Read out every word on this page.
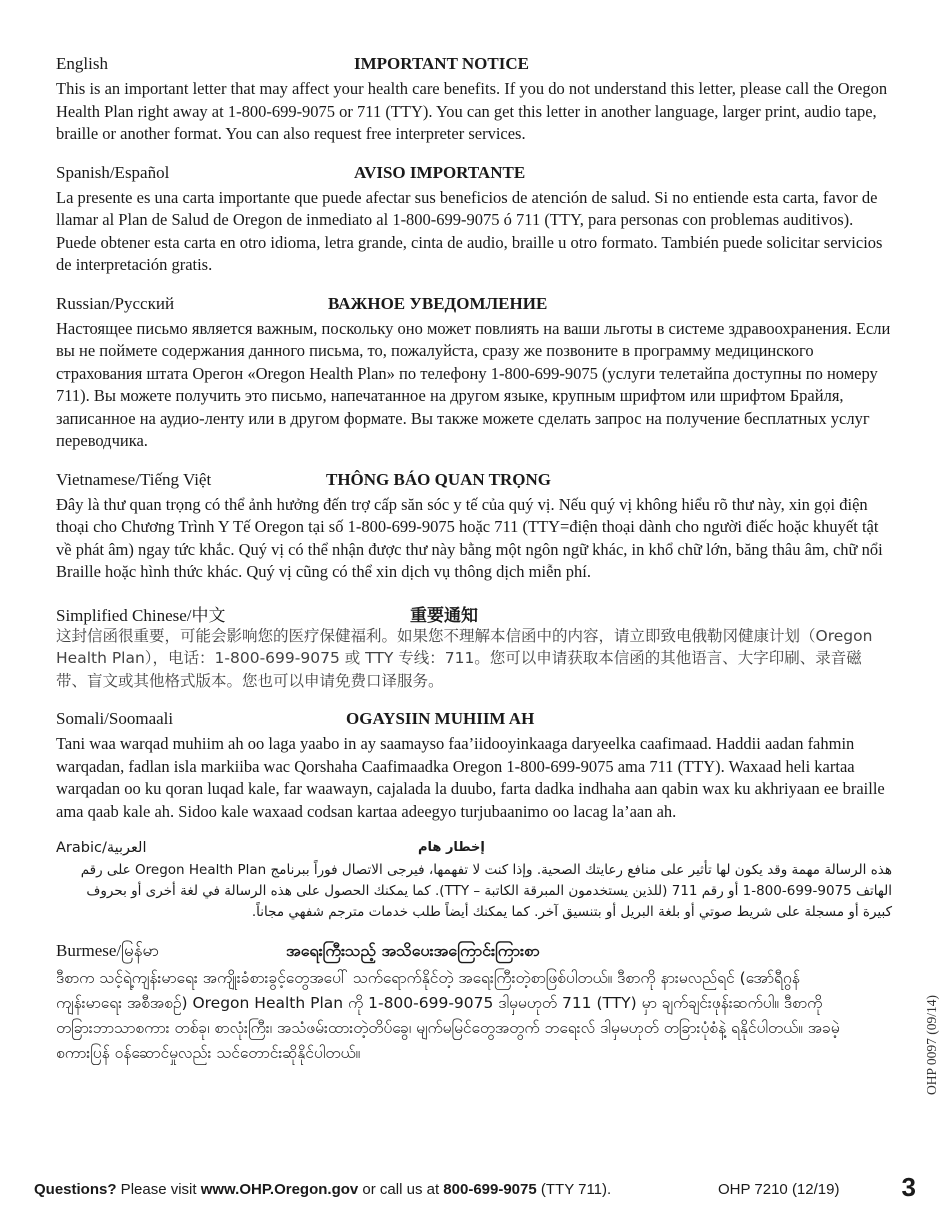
English	IMPORTANT NOTICE
This is an important letter that may affect your health care benefits. If you do not understand this letter, please call the Oregon Health Plan right away at 1-800-699-9075 or 711 (TTY). You can get this letter in another language, larger print, audio tape, braille or another format. You can also request free interpreter services.
Spanish/Español	AVISO IMPORTANTE
La presente es una carta importante que puede afectar sus beneficios de atención de salud. Si no entiende esta carta, favor de llamar al Plan de Salud de Oregon de inmediato al 1-800-699-9075 ó 711 (TTY, para personas con problemas auditivos). Puede obtener esta carta en otro idioma, letra grande, cinta de audio, braille u otro formato. También puede solicitar servicios de interpretación gratis.
Russian/Русский	ВАЖНОЕ УВЕДОМЛЕНИЕ
Настоящее письмо является важным, поскольку оно может повлиять на ваши льготы в системе здравоохранения. Если вы не поймете содержания данного письма, то, пожалуйста, сразу же позвоните в программу медицинского страхования штата Орегон «Oregon Health Plan» по телефону 1-800-699-9075 (услуги телетайпа доступны по номеру 711). Вы можете получить это письмо, напечатанное на другом языке, крупным шрифтом или шрифтом Брайля, записанное на аудио-ленту или в другом формате. Вы также можете сделать запрос на получение бесплатных услуг переводчика.
Vietnamese/Tiếng Việt	THÔNG BÁO QUAN TRỌNG
Đây là thư quan trọng có thể ảnh hưởng đến trợ cấp săn sóc y tế của quý vị. Nếu quý vị không hiểu rõ thư này, xin gọi điện thoại cho Chương Trình Y Tế Oregon tại số 1-800-699-9075 hoặc 711 (TTY=điện thoại dành cho người điếc hoặc khuyết tật về phát âm) ngay tức khắc. Quý vị có thể nhận được thư này bằng một ngôn ngữ khác, in khổ chữ lớn, băng thâu âm, chữ nổi Braille hoặc hình thức khác. Quý vị cũng có thể xin dịch vụ thông dịch miễn phí.
Simplified Chinese/中文	重要通知
这封信函很重要，可能会影响您的医疗保健福利。如果您不理解本信函中的内容，请立即致电俄勒冈健康计划（Oregon Health Plan），电话：1-800-699-9075 或 TTY 专线：711。您可以申请获取本信函的其他语言、大字印刷、录音磁带、盲文或其他格式版本。您也可以申请免费口译服务。
Somali/Soomaali	OGAYSIIN MUHIIM AH
Tani waa warqad muhiim ah oo laga yaabo in ay saamayso faa’iidooyinkaaga daryeelka caafimaad. Haddii aadan fahmin warqadan, fadlan isla markiiba wac Qorshaha Caafimaadka Oregon 1-800-699-9075 ama 711 (TTY). Waxaad heli kartaa warqadan oo ku qoran luqad kale, far waawayn, cajalada la duubo, farta dadka indhaha aan qabin wax ku akhriyaan ee braille ama qaab kale ah. Sidoo kale waxaad codsan kartaa adeegyo turjubaanimo oo lacag la’aan ah.
Arabic/العربية	إخطار هام
هذه الرسالة مهمة وقد يكون لها تأثير على منافع رعايتك الصحية. وإذا كنت لا تفهمها، فيرجى الاتصال فوراً ببرنامج Oregon Health Plan على رقم الهاتف 9075-699-800-1 أو رقم 711 (للذين يستخدمون المبرقة الكاتبة – TTY). كما يمكنك الحصول على هذه الرسالة في لغة أخرى أو بحروف كبيرة أو مسجلة على شريط صوتي أو بلغة البريل أو بتنسيق آخر. كما يمكنك أيضاً طلب خدمات مترجم شفهي مجاناً.
Burmese/မြန်မာ	အရေးကြီးသည့် အသိပေးအကြောင်းကြားစာ
ဒီစာက သင့်ရဲ့ကျန်းမာရေး အကျိုးခံစားခွင့်တွေအပေါ် သက်ရောက်နိုင်တဲ့ အရေးကြီးတဲ့စာဖြစ်ပါတယ်။ ဒီစာကို နားမလည်ရင် (အော်ရီဂွန် ကျန်းမာရေး အစီအစဉ်) Oregon Health Plan ကို 1-800-699-9075 ဒါမှမဟုတ် 711 (TTY) မှာ ချက်ချင်းဖုန်းဆက်ပါ။ ဒီစာကို တခြားဘာသာစကား တစ်ခု၊ စာလုံးကြီး၊ အသံဖမ်းထားတဲ့တိပ်ခွေ၊ မျက်မမြင်တွေအတွက် ဘရေးလ် ဒါမှမဟုတ် တခြားပုံစံနဲ့ ရနိုင်ပါတယ်။ အခမဲ့ စကားပြန် ဝန်ဆောင်မှုလည်း သင်တောင်းဆိုနိုင်ပါတယ်။	OHP 0097 (09/14)
Questions? Please visit www.OHP.Oregon.gov or call us at 800-699-9075 (TTY 711).	OHP 7210 (12/19) 3
